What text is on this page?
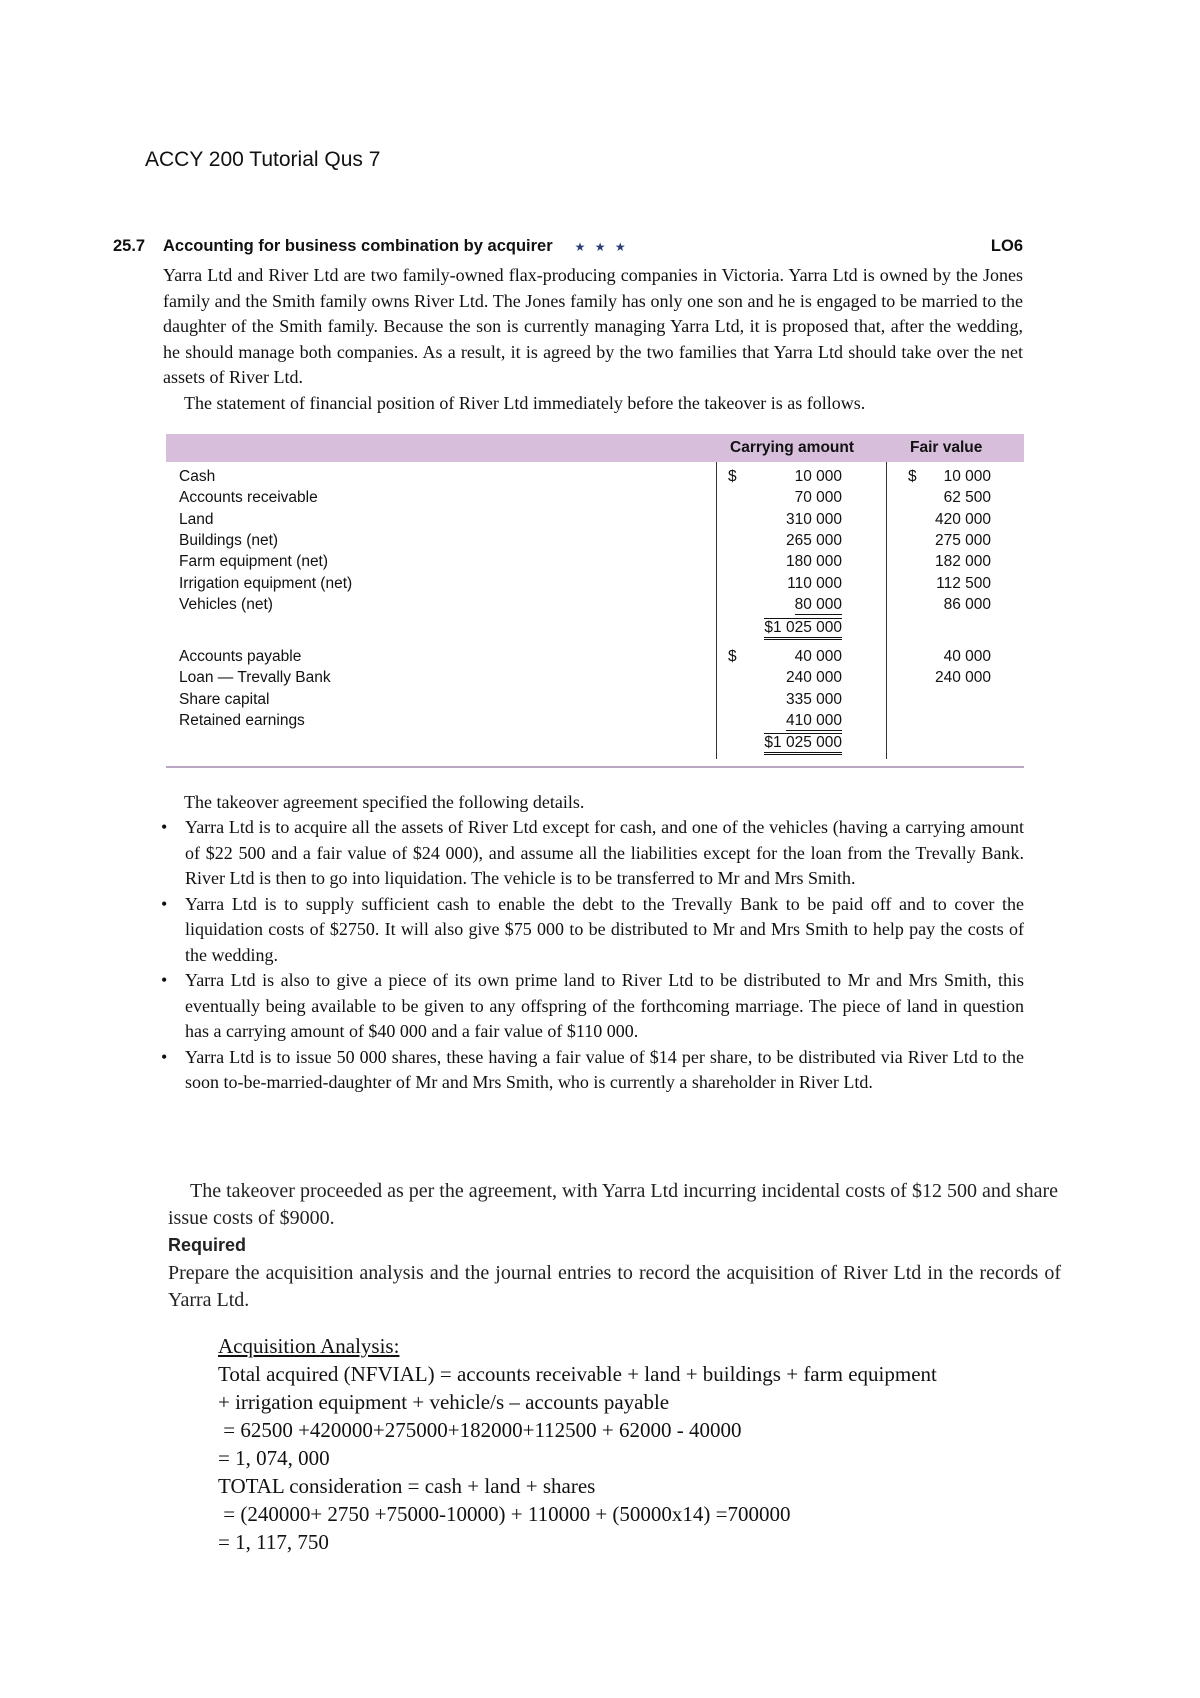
ACCY 200 Tutorial Qus 7
25.7 Accounting for business combination by acquirer ★ ★ ★	LO6
Yarra Ltd and River Ltd are two family-owned flax-producing companies in Victoria. Yarra Ltd is owned by the Jones family and the Smith family owns River Ltd. The Jones family has only one son and he is engaged to be married to the daughter of the Smith family. Because the son is currently managing Yarra Ltd, it is proposed that, after the wedding, he should manage both companies. As a result, it is agreed by the two families that Yarra Ltd should take over the net assets of River Ltd.
The statement of financial position of River Ltd immediately before the takeover is as follows.
Carrying amount	Fair value
Cash	$	10 000	$ 10 000
Accounts receivable	70 000	62 500
Land	310 000	420 000
Buildings (net)	265 000	275 000
Farm equipment (net)	180 000	182 000
Irrigation equipment (net)	110 000	112 500
Vehicles (net)	80 000	86 000
$1 025 000
Accounts payable	$	40 000	40 000
Loan — Trevally Bank	240 000	240 000
Share capital	335 000
Retained earnings	410 000
$1 025 000
The takeover agreement specified the following details.
• Yarra Ltd is to acquire all the assets of River Ltd except for cash, and one of the vehicles (having a carrying amount of $22 500 and a fair value of $24 000), and assume all the liabilities except for the loan from the Trevally Bank. River Ltd is then to go into liquidation. The vehicle is to be transferred to Mr and Mrs Smith.
• Yarra Ltd is to supply sufficient cash to enable the debt to the Trevally Bank to be paid off and to cover the liquidation costs of $2750. It will also give $75 000 to be distributed to Mr and Mrs Smith to help pay the costs of the wedding.
• Yarra Ltd is also to give a piece of its own prime land to River Ltd to be distributed to Mr and Mrs Smith, this eventually being available to be given to any offspring of the forthcoming marriage. The piece of land in question has a carrying amount of $40 000 and a fair value of $110 000.
• Yarra Ltd is to issue 50 000 shares, these having a fair value of $14 per share, to be distributed via River Ltd to the soon to-be-married-daughter of Mr and Mrs Smith, who is currently a shareholder in River Ltd.
The takeover proceeded as per the agreement, with Yarra Ltd incurring incidental costs of $12 500 and share issue costs of $9000.
Required
Prepare the acquisition analysis and the journal entries to record the acquisition of River Ltd in the records of Yarra Ltd.
Acquisition Analysis:
Total acquired (NFVIAL) = accounts receivable + land + buildings + farm equipment
+ irrigation equipment + vehicle/s – accounts payable
= 62500 +420000+275000+182000+112500 + 62000 - 40000
= 1, 074, 000
TOTAL consideration = cash + land + shares
= (240000+ 2750 +75000-10000) + 110000 + (50000x14) =700000
= 1, 117, 750
